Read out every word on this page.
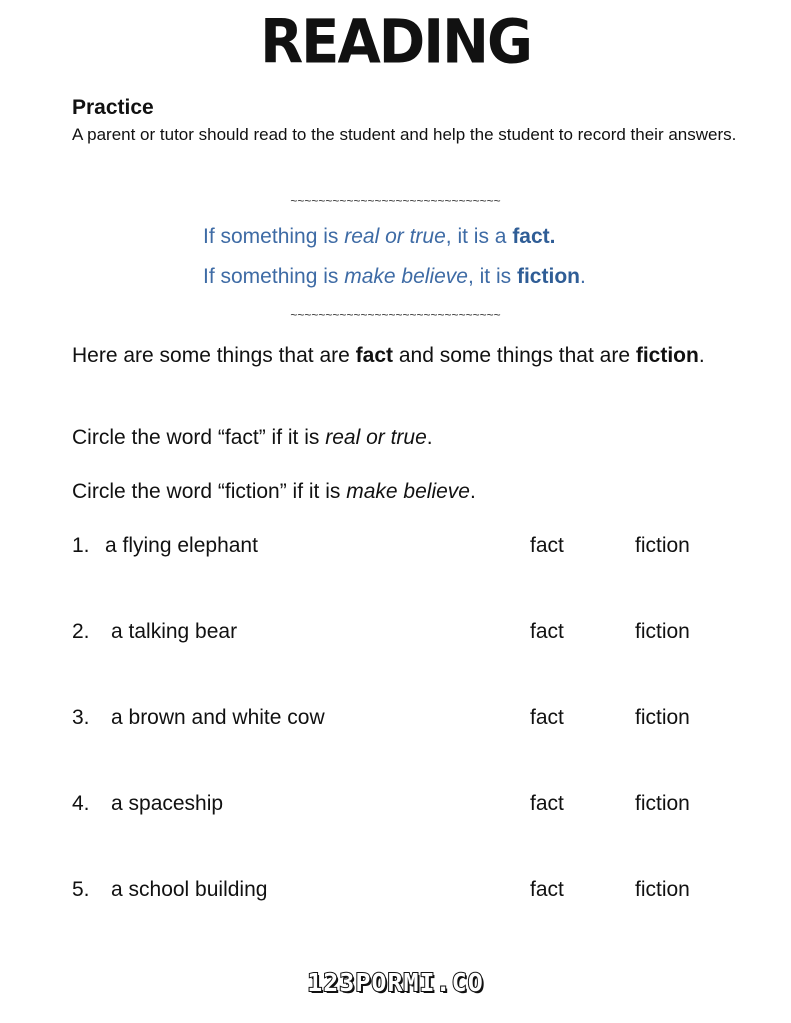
READING
Practice
A parent or tutor should read to the student and help the student to record their answers.
~~~~~~~~~~~~~~~~~~~~~~~~~~~~~~
If something is real or true, it is a fact.
If something is make believe, it is fiction.
~~~~~~~~~~~~~~~~~~~~~~~~~~~~~~
Here are some things that are fact and some things that are fiction.
Circle the word “fact” if it is real or true.
Circle the word “fiction” if it is make believe.
1. a flying elephant	fact	fiction
2. a talking bear	fact	fiction
3. a brown and white cow	fact	fiction
4. a spaceship	fact	fiction
5. a school building	fact	fiction
123PORMI.CO
